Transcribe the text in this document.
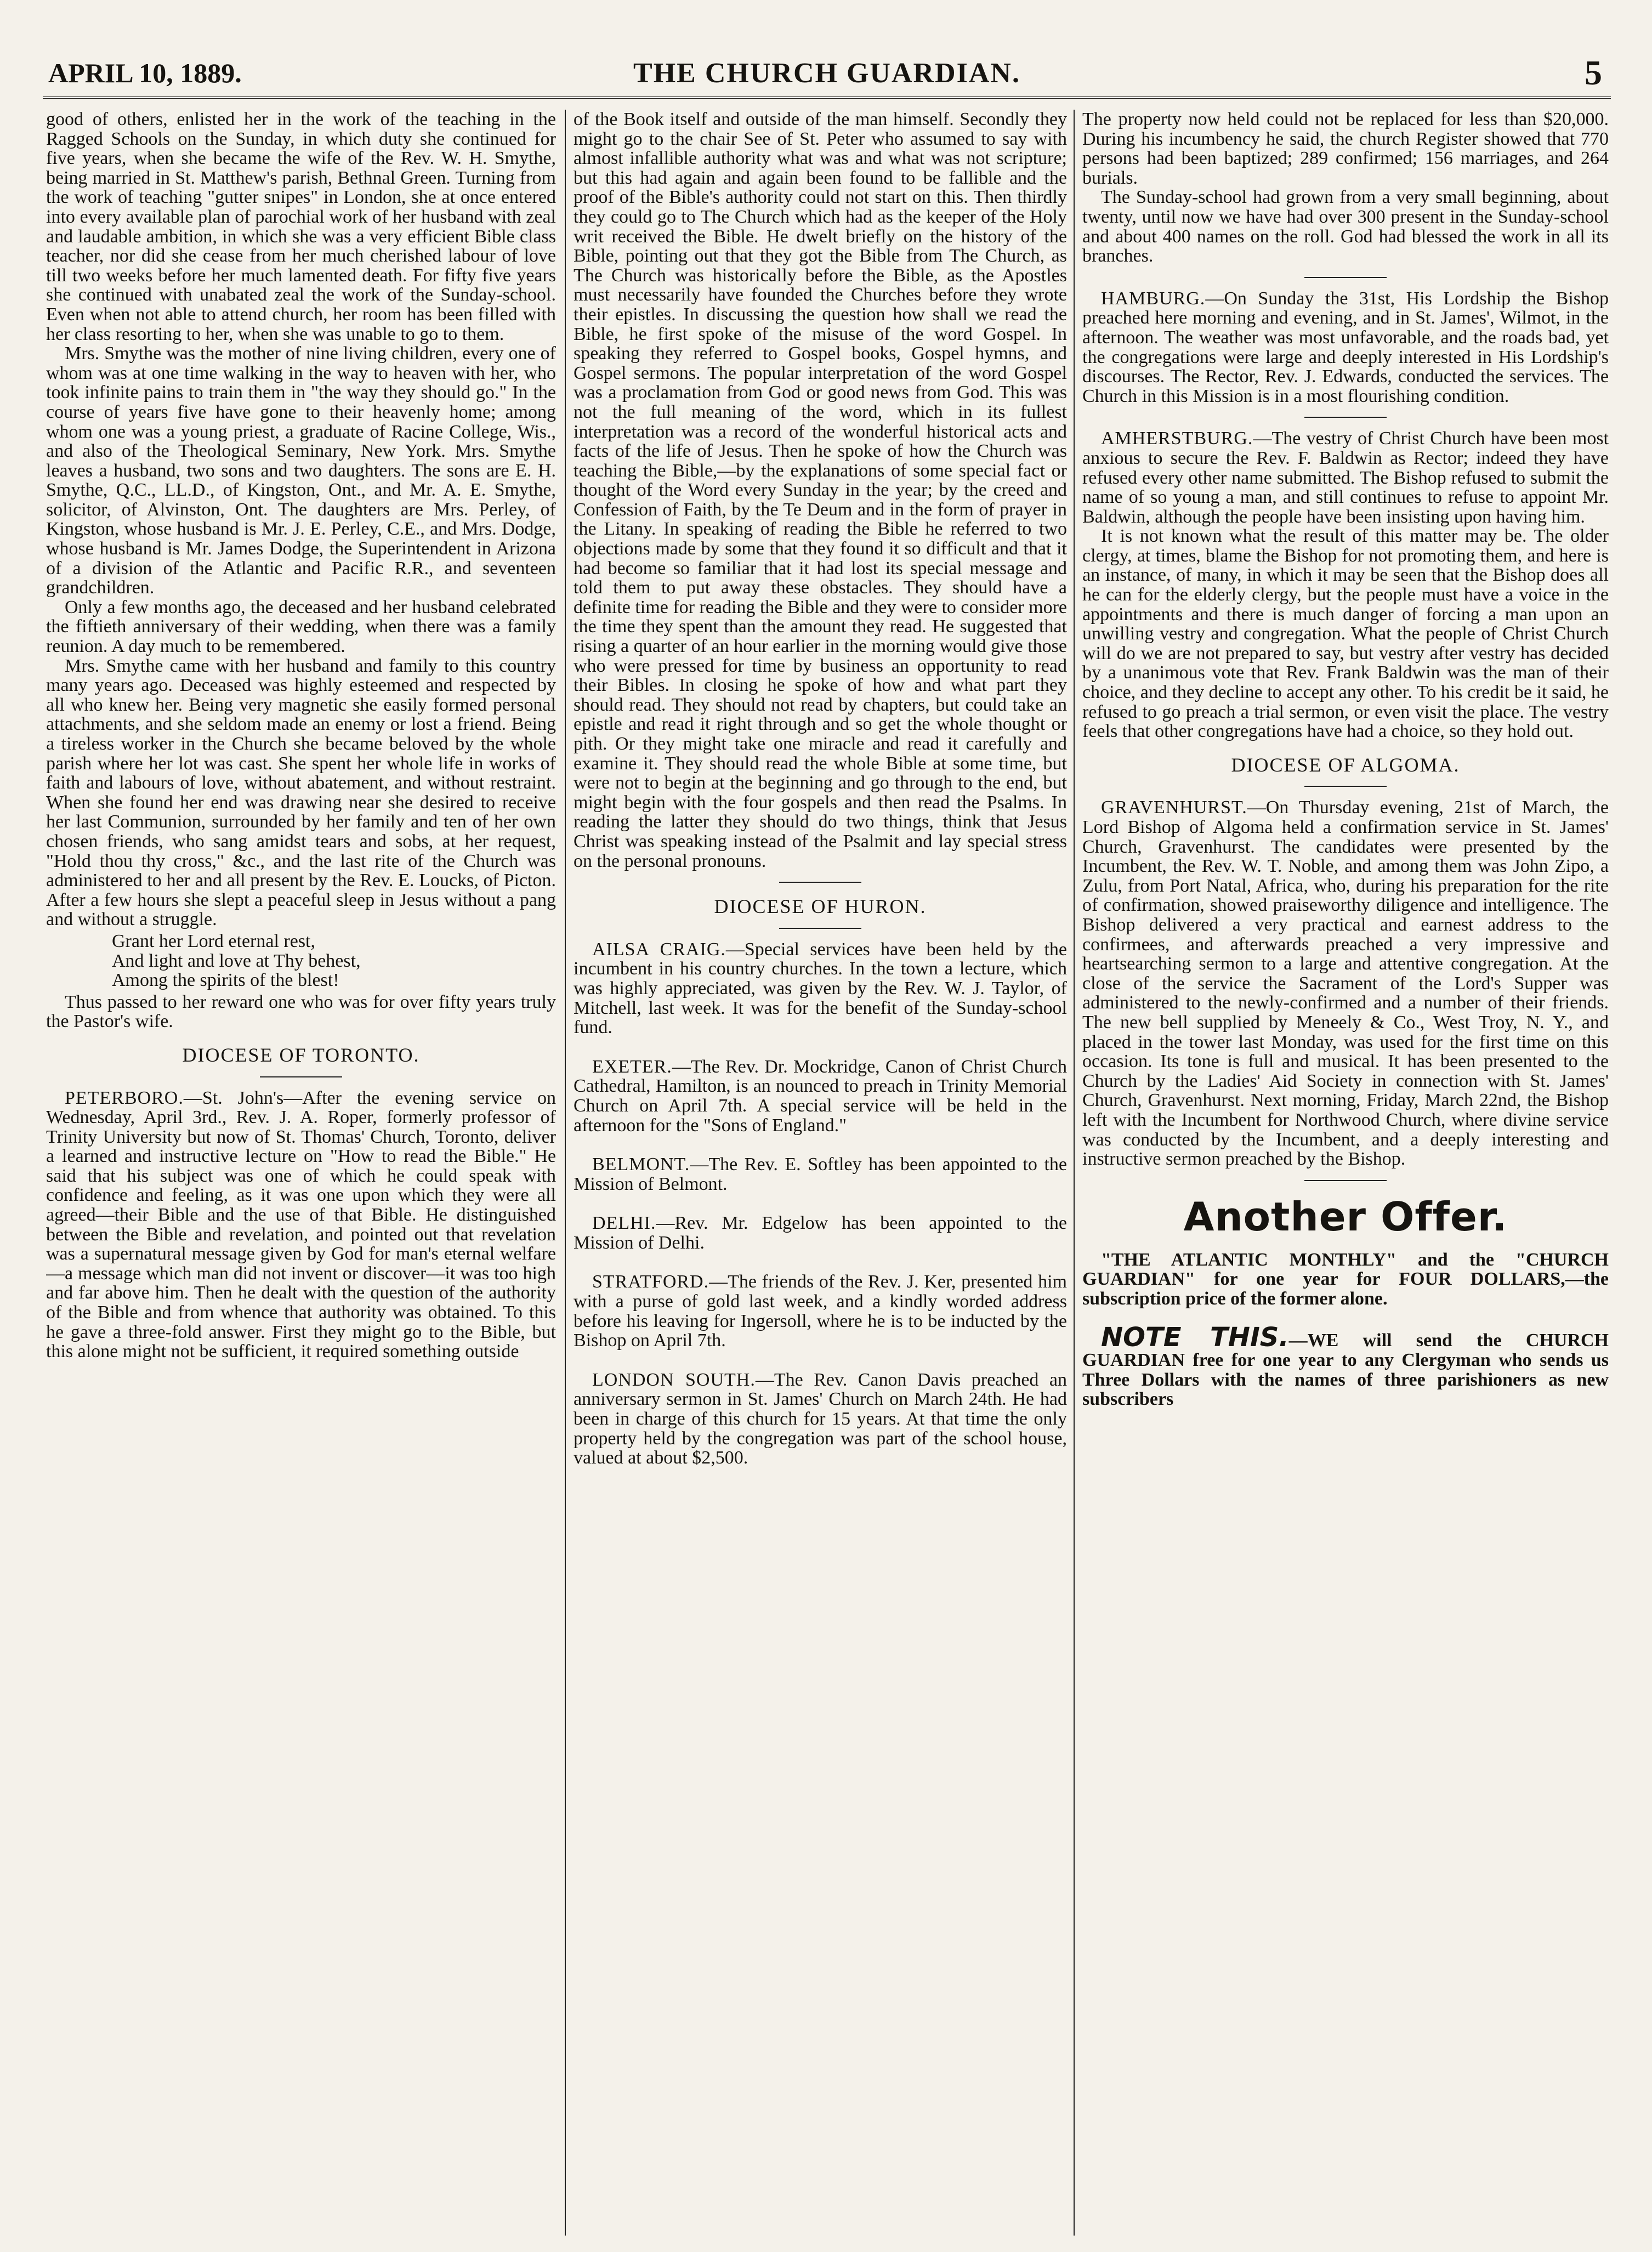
APRIL 10, 1889.	THE CHURCH GUARDIAN.	5

good of others, enlisted her in the work of the teaching in the Ragged Schools on the Sunday, in which duty she continued for five years, when she became the wife of the Rev. W. H. Smythe, being married in St. Matthew's parish, Bethnal Green. Turning from the work of teaching "gutter snipes" in London, she at once entered into every available plan of parochial work of her husband with zeal and laudable ambition, in which she was a very efficient Bible class teacher, nor did she cease from her much cherished labour of love till two weeks before her much lamented death. For fifty five years she continued with unabated zeal the work of the Sunday-school. Even when not able to attend church, her room has been filled with her class resorting to her, when she was unable to go to them.

Mrs. Smythe was the mother of nine living children, every one of whom was at one time walking in the way to heaven with her, who took infinite pains to train them in "the way they should go." In the course of years five have gone to their heavenly home; among whom one was a young priest, a graduate of Racine College, Wis., and also of the Theological Seminary, New York. Mrs. Smythe leaves a husband, two sons and two daughters. The sons are E. H. Smythe, Q.C., LL.D., of Kingston, Ont., and Mr. A. E. Smythe, solicitor, of Alvinston, Ont. The daughters are Mrs. Perley, of Kingston, whose husband is Mr. J. E. Perley, C.E., and Mrs. Dodge, whose husband is Mr. James Dodge, the Superintendent in Arizona of a division of the Atlantic and Pacific R.R., and seventeen grandchildren.

Only a few months ago, the deceased and her husband celebrated the fiftieth anniversary of their wedding, when there was a family reunion. A day much to be remembered.

Mrs. Smythe came with her husband and family to this country many years ago. Deceased was highly esteemed and respected by all who knew her. Being very magnetic she easily formed personal attachments, and she seldom made an enemy or lost a friend. Being a tireless worker in the Church she became beloved by the whole parish where her lot was cast. She spent her whole life in works of faith and labours of love, without abatement, and without restraint. When she found her end was drawing near she desired to receive her last Communion, surrounded by her family and ten of her own chosen friends, who sang amidst tears and sobs, at her request, "Hold thou thy cross," &c., and the last rite of the Church was administered to her and all present by the Rev. E. Loucks, of Picton. After a few hours she slept a peaceful sleep in Jesus without a pang and without a struggle.

Grant her Lord eternal rest,
And light and love at Thy behest,
Among the spirits of the blest!

Thus passed to her reward one who was for over fifty years truly the Pastor's wife.

DIOCESE OF TORONTO.

PETERBORO.—St. John's—After the evening service on Wednesday, April 3rd., Rev. J. A. Roper, formerly professor of Trinity University but now of St. Thomas' Church, Toronto, deliver a learned and instructive lecture on "How to read the Bible." He said that his subject was one of which he could speak with confidence and feeling, as it was one upon which they were all agreed—their Bible and the use of that Bible. He distinguished between the Bible and revelation, and pointed out that revelation was a supernatural message given by God for man's eternal welfare—a message which man did not invent or discover—it was too high and far above him. Then he dealt with the question of the authority of the Bible and from whence that authority was obtained. To this he gave a three-fold answer. First they might go to the Bible, but this alone might not be sufficient, it required something outside

of the Book itself and outside of the man himself. Secondly they might go to the chair See of St. Peter who assumed to say with almost infallible authority what was and what was not scripture; but this had again and again been found to be fallible and the proof of the Bible's authority could not start on this. Then thirdly they could go to The Church which had as the keeper of the Holy writ received the Bible. He dwelt briefly on the history of the Bible, pointing out that they got the Bible from The Church, as The Church was historically before the Bible, as the Apostles must necessarily have founded the Churches before they wrote their epistles. In discussing the question how shall we read the Bible, he first spoke of the misuse of the word Gospel. In speaking they referred to Gospel books, Gospel hymns, and Gospel sermons. The popular interpretation of the word Gospel was a proclamation from God or good news from God. This was not the full meaning of the word, which in its fullest interpretation was a record of the wonderful historical acts and facts of the life of Jesus. Then he spoke of how the Church was teaching the Bible,—by the explanations of some special fact or thought of the Word every Sunday in the year; by the creed and Confession of Faith, by the Te Deum and in the form of prayer in the Litany. In speaking of reading the Bible he referred to two objections made by some that they found it so difficult and that it had become so familiar that it had lost its special message and told them to put away these obstacles. They should have a definite time for reading the Bible and they were to consider more the time they spent than the amount they read. He suggested that rising a quarter of an hour earlier in the morning would give those who were pressed for time by business an opportunity to read their Bibles. In closing he spoke of how and what part they should read. They should not read by chapters, but could take an epistle and read it right through and so get the whole thought or pith. Or they might take one miracle and read it carefully and examine it. They should read the whole Bible at some time, but were not to begin at the beginning and go through to the end, but might begin with the four gospels and then read the Psalms. In reading the latter they should do two things, think that Jesus Christ was speaking instead of the Psalmit and lay special stress on the personal pronouns.

DIOCESE OF HURON.

AILSA CRAIG.—Special services have been held by the incumbent in his country churches. In the town a lecture, which was highly appreciated, was given by the Rev. W. J. Taylor, of Mitchell, last week. It was for the benefit of the Sunday-school fund.

EXETER.—The Rev. Dr. Mockridge, Canon of Christ Church Cathedral, Hamilton, is an nounced to preach in Trinity Memorial Church on April 7th. A special service will be held in the afternoon for the "Sons of England."

BELMONT.—The Rev. E. Softley has been appointed to the Mission of Belmont.

DELHI.—Rev. Mr. Edgelow has been appointed to the Mission of Delhi.

STRATFORD.—The friends of the Rev. J. Ker, presented him with a purse of gold last week, and a kindly worded address before his leaving for Ingersoll, where he is to be inducted by the Bishop on April 7th.

LONDON SOUTH.—The Rev. Canon Davis preached an anniversary sermon in St. James' Church on March 24th. He had been in charge of this church for 15 years. At that time the only property held by the congregation was part of the school house, valued at about $2,500.

The property now held could not be replaced for less than $20,000. During his incumbency he said, the church Register showed that 770 persons had been baptized; 289 confirmed; 156 marriages, and 264 burials.

The Sunday-school had grown from a very small beginning, about twenty, until now we have had over 300 present in the Sunday-school and about 400 names on the roll. God had blessed the work in all its branches.

HAMBURG.—On Sunday the 31st, His Lordship the Bishop preached here morning and evening, and in St. James', Wilmot, in the afternoon. The weather was most unfavorable, and the roads bad, yet the congregations were large and deeply interested in His Lordship's discourses. The Rector, Rev. J. Edwards, conducted the services. The Church in this Mission is in a most flourishing condition.

AMHERSTBURG.—The vestry of Christ Church have been most anxious to secure the Rev. F. Baldwin as Rector; indeed they have refused every other name submitted. The Bishop refused to submit the name of so young a man, and still continues to refuse to appoint Mr. Baldwin, although the people have been insisting upon having him.

It is not known what the result of this matter may be. The older clergy, at times, blame the Bishop for not promoting them, and here is an instance, of many, in which it may be seen that the Bishop does all he can for the elderly clergy, but the people must have a voice in the appointments and there is much danger of forcing a man upon an unwilling vestry and congregation. What the people of Christ Church will do we are not prepared to say, but vestry after vestry has decided by a unanimous vote that Rev. Frank Baldwin was the man of their choice, and they decline to accept any other. To his credit be it said, he refused to go preach a trial sermon, or even visit the place. The vestry feels that other congregations have had a choice, so they hold out.

DIOCESE OF ALGOMA.

GRAVENHURST.—On Thursday evening, 21st of March, the Lord Bishop of Algoma held a confirmation service in St. James' Church, Gravenhurst. The candidates were presented by the Incumbent, the Rev. W. T. Noble, and among them was John Zipo, a Zulu, from Port Natal, Africa, who, during his preparation for the rite of confirmation, showed praiseworthy diligence and intelligence. The Bishop delivered a very practical and earnest address to the confirmees, and afterwards preached a very impressive and heartsearching sermon to a large and attentive congregation. At the close of the service the Sacrament of the Lord's Supper was administered to the newly-confirmed and a number of their friends. The new bell supplied by Meneely & Co., West Troy, N. Y., and placed in the tower last Monday, was used for the first time on this occasion. Its tone is full and musical. It has been presented to the Church by the Ladies' Aid Society in connection with St. James' Church, Gravenhurst. Next morning, Friday, March 22nd, the Bishop left with the Incumbent for Northwood Church, where divine service was conducted by the Incumbent, and a deeply interesting and instructive sermon preached by the Bishop.

Another Offer.

"THE ATLANTIC MONTHLY" and the "CHURCH GUARDIAN" for one year for FOUR DOLLARS,—the subscription price of the former alone.

NOTE THIS.—WE will send the CHURCH GUARDIAN free for one year to any Clergyman who sends us Three Dollars with the names of three parishioners as new subscribers
